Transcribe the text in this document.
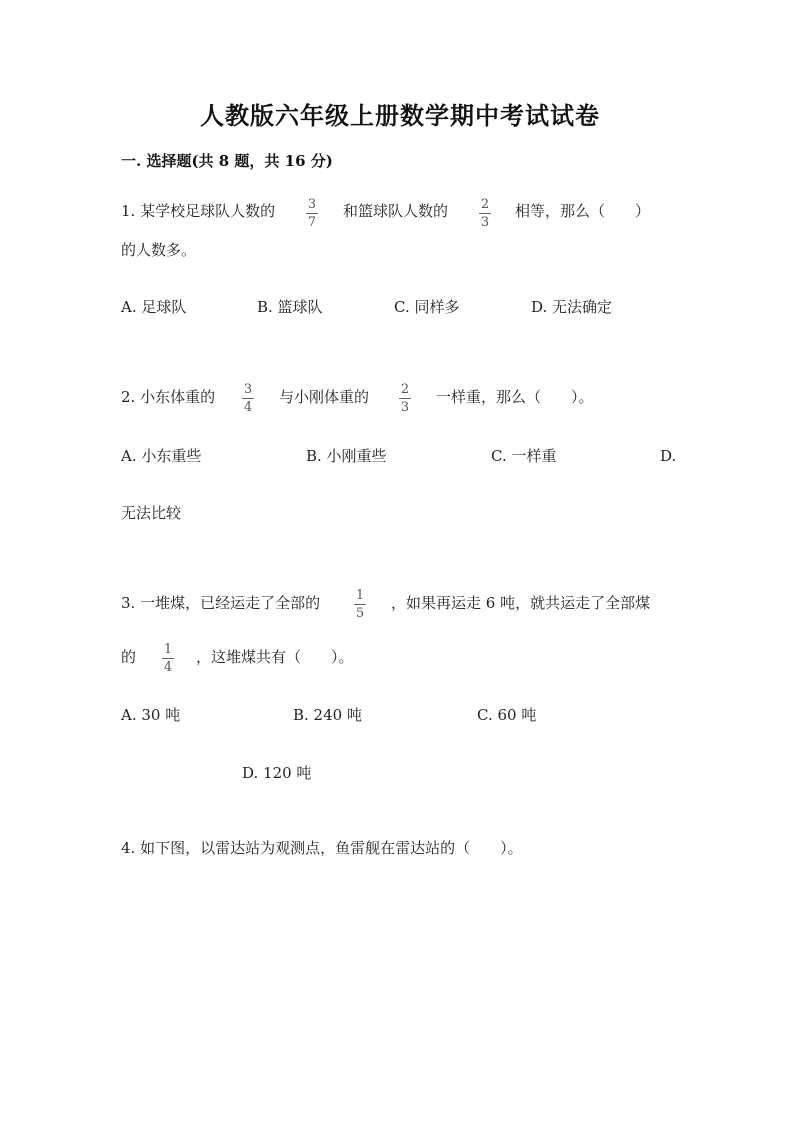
人教版六年级上册数学期中考试试卷
一. 选择题(共 8 题，共 16 分)
1. 某学校足球队人数的	3
7
和篮球队人数的	2
3
相等，那么（　　）
的人数多。
A. 足球队	B. 篮球队	C. 同样多	D. 无法确定
2. 小东体重的 3
4
与小刚体重的 2
3
一样重，那么（　　）。
A. 小东重些	B. 小刚重些	C. 一样重	D.
无法比较
3. 一堆煤，已经运走了全部的	1
5
，如果再运走 6 吨，就共运走了全部煤
的 1
4
，这堆煤共有（　　）。
A. 30 吨	B. 240 吨	C. 60 吨
D. 120 吨
4. 如下图，以雷达站为观测点，鱼雷舰在雷达站的（　　）。
